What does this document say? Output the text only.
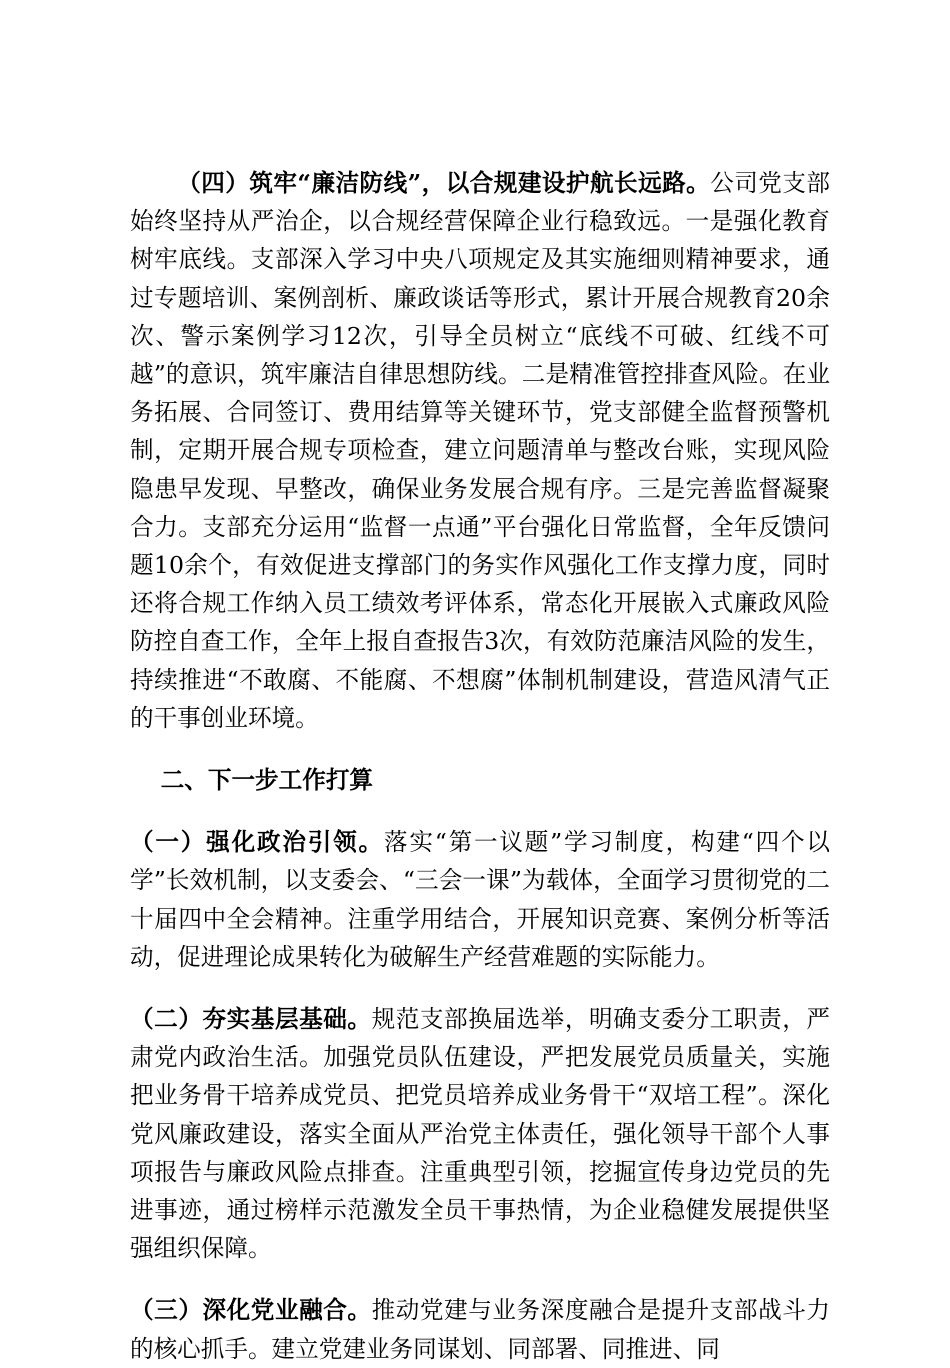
（四）筑牢“廉洁防线”，以合规建设护航长远路。公司党支部始终坚持从严治企，以合规经营保障企业行稳致远。一是强化教育树牢底线。支部深入学习中央八项规定及其实施细则精神要求，通过专题培训、案例剖析、廉政谈话等形式，累计开展合规教育20余次、警示案例学习12次，引导全员树立“底线不可破、红线不可越”的意识，筑牢廉洁自律思想防线。二是精准管控排查风险。在业务拓展、合同签订、费用结算等关键环节，党支部健全监督预警机制，定期开展合规专项检查，建立问题清单与整改台账，实现风险隐患早发现、早整改，确保业务发展合规有序。三是完善监督凝聚合力。支部充分运用“监督一点通”平台强化日常监督，全年反馈问题10余个，有效促进支撑部门的务实作风强化工作支撑力度，同时还将合规工作纳入员工绩效考评体系，常态化开展嵌入式廉政风险防控自查工作，全年上报自查报告3次，有效防范廉洁风险的发生，持续推进“不敢腐、不能腐、不想腐”体制机制建设，营造风清气正的干事创业环境。

二、下一步工作打算

（一）强化政治引领。落实“第一议题”学习制度，构建“四个以学”长效机制，以支委会、“三会一课”为载体，全面学习贯彻党的二十届四中全会精神。注重学用结合，开展知识竞赛、案例分析等活动，促进理论成果转化为破解生产经营难题的实际能力。

（二）夯实基层基础。规范支部换届选举，明确支委分工职责，严肃党内政治生活。加强党员队伍建设，严把发展党员质量关，实施把业务骨干培养成党员、把党员培养成业务骨干“双培工程”。深化党风廉政建设，落实全面从严治党主体责任，强化领导干部个人事项报告与廉政风险点排查。注重典型引领，挖掘宣传身边党员的先进事迹，通过榜样示范激发全员干事热情，为企业稳健发展提供坚强组织保障。

（三）深化党业融合。推动党建与业务深度融合是提升支部战斗力的核心抓手。建立党建业务同谋划、同部署、同推进、同
